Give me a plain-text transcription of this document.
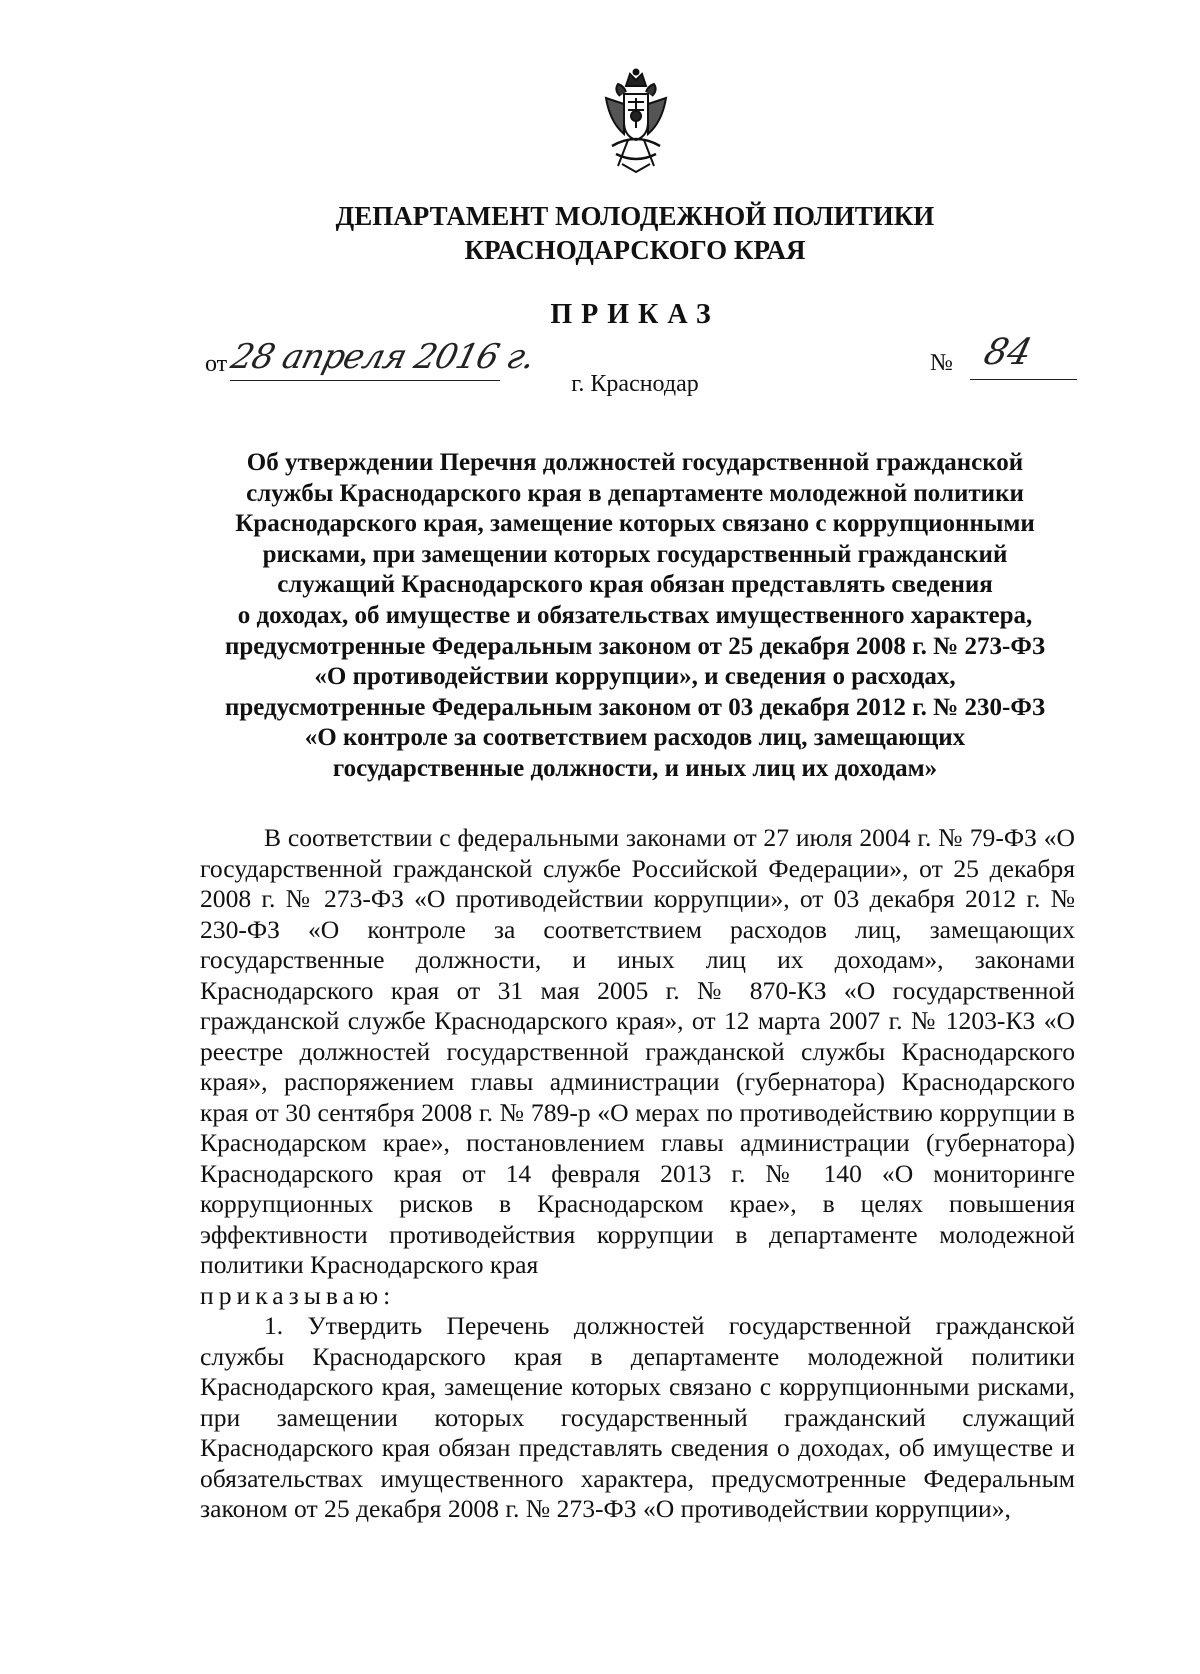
ДЕПАРТАМЕНТ МОЛОДЕЖНОЙ ПОЛИТИКИ
КРАСНОДАРСКОГО КРАЯ
ПРИКАЗ
от 28 апреля 2016 г.	№ 84
г. Краснодар
Об утверждении Перечня должностей государственной гражданской
службы Краснодарского края в департаменте молодежной политики
Краснодарского края, замещение которых связано с коррупционными
рисками, при замещении которых государственный гражданский
служащий Краснодарского края обязан представлять сведения
о доходах, об имуществе и обязательствах имущественного характера,
предусмотренные Федеральным законом от 25 декабря 2008 г. № 273-ФЗ
«О противодействии коррупции», и сведения о расходах,
предусмотренные Федеральным законом от 03 декабря 2012 г. № 230-ФЗ
«О контроле за соответствием расходов лиц, замещающих
государственные должности, и иных лиц их доходам»

В соответствии с федеральными законами от 27 июля 2004 г. № 79-ФЗ «О государственной гражданской службе Российской Федерации», от 25 декабря 2008 г. № 273-ФЗ «О противодействии коррупции», от 03 декабря 2012 г. № 230-ФЗ «О контроле за соответствием расходов лиц, замещающих государственные должности, и иных лиц их доходам», законами Краснодарского края от 31 мая 2005 г. № 870-КЗ «О государственной гражданской службе Краснодарского края», от 12 марта 2007 г. № 1203-КЗ «О реестре должностей государственной гражданской службы Краснодарского края», распоряжением главы администрации (губернатора) Краснодарского края от 30 сентября 2008 г. № 789-р «О мерах по противодействию коррупции в Краснодарском крае», постановлением главы администрации (губернатора) Краснодарского края от 14 февраля 2013 г. № 140 «О мониторинге коррупционных рисков в Краснодарском крае», в целях повышения эффективности противодействия коррупции в департаменте молодежной политики Краснодарского края

приказываю:

1. Утвердить Перечень должностей государственной гражданской службы Краснодарского края в департаменте молодежной политики Краснодарского края, замещение которых связано с коррупционными рисками, при замещении которых государственный гражданский служащий Краснодарского края обязан представлять сведения о доходах, об имуществе и обязательствах имущественного характера, предусмотренные Федеральным законом от 25 декабря 2008 г. № 273-ФЗ «О противодействии коррупции»,
